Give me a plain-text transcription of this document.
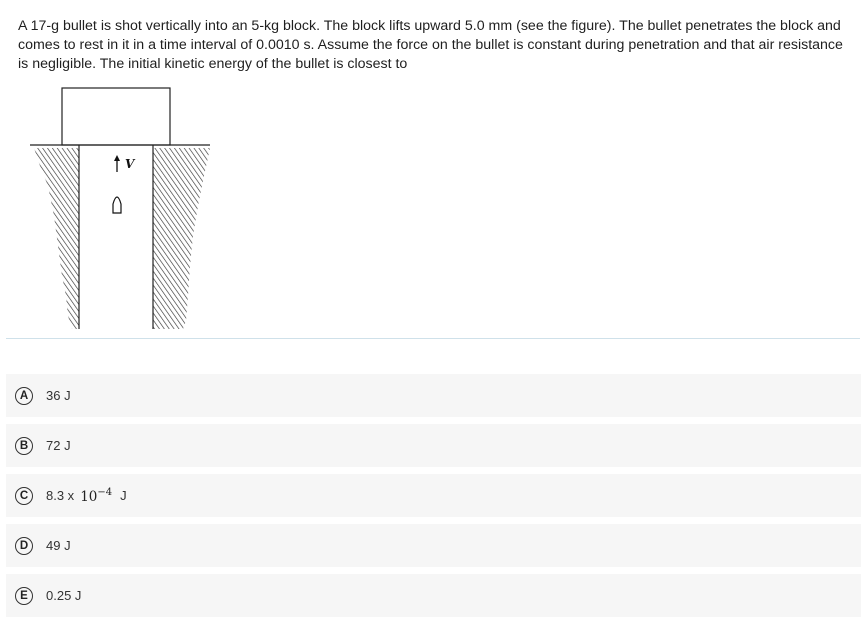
A 17-g bullet is shot vertically into an 5-kg block. The block lifts upward 5.0 mm (see the figure). The bullet penetrates the block and comes to rest in it in a time interval of 0.0010 s. Assume the force on the bullet is constant during penetration and that air resistance is negligible. The initial kinetic energy of the bullet is closest to

V
A	36 J
B	72 J
C	8.3 x $10^{-4}$ J
D	49 J
E	0.25 J
